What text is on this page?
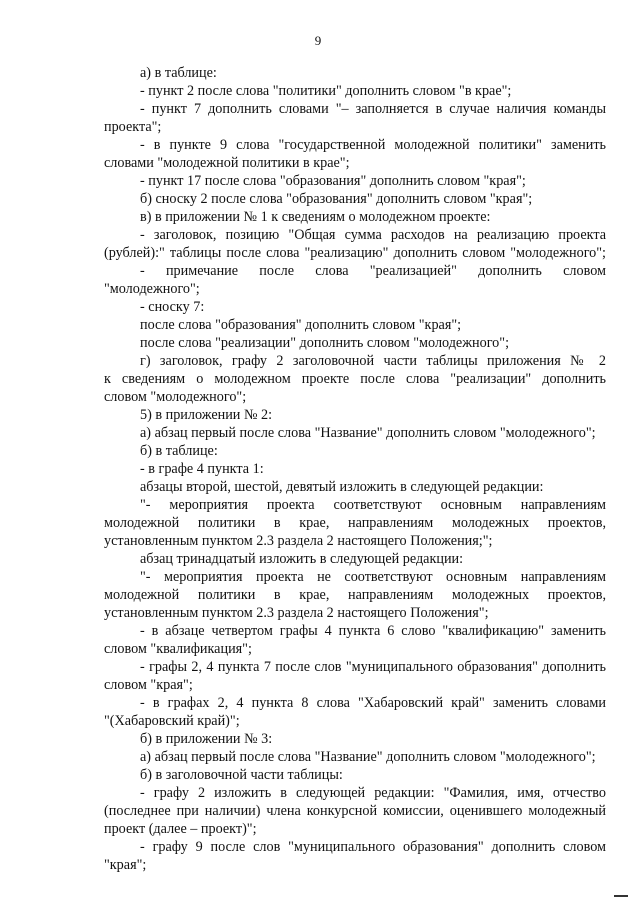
9
а) в таблице:
- пункт 2 после слова "политики" дополнить словом "в крае";
- пункт 7 дополнить словами "– заполняется в случае наличия команды
проекта";
- в пункте 9 слова "государственной молодежной политики" заменить
словами "молодежной политики в крае";
- пункт 17 после слова "образования" дополнить словом "края";
б) сноску 2 после слова "образования" дополнить словом "края";
в) в приложении № 1 к сведениям о молодежном проекте:
- заголовок, позицию "Общая сумма расходов на реализацию проекта
(рублей):" таблицы после слова "реализацию" дополнить словом "молодежного";
- примечание после слова "реализацией" дополнить словом
"молодежного";
- сноску 7:
после слова "образования" дополнить словом "края";
после слова "реализации" дополнить словом "молодежного";
г) заголовок, графу 2 заголовочной части таблицы приложения № 2
к сведениям о молодежном проекте после слова "реализации" дополнить
словом "молодежного";
5) в приложении № 2:
а) абзац первый после слова "Название" дополнить словом "молодежного";
б) в таблице:
- в графе 4 пункта 1:
абзацы второй, шестой, девятый изложить в следующей редакции:
"- мероприятия проекта соответствуют основным направлениям
молодежной политики в крае, направлениям молодежных проектов,
установленным пунктом 2.3 раздела 2 настоящего Положения;";
абзац тринадцатый изложить в следующей редакции:
"- мероприятия проекта не соответствуют основным направлениям
молодежной политики в крае, направлениям молодежных проектов,
установленным пунктом 2.3 раздела 2 настоящего Положения";
- в абзаце четвертом графы 4 пункта 6 слово "квалификацию" заменить
словом "квалификация";
- графы 2, 4 пункта 7 после слов "муниципального образования" дополнить
словом "края";
- в графах 2, 4 пункта 8 слова "Хабаровский край" заменить словами
"(Хабаровский край)";
б) в приложении № 3:
а) абзац первый после слова "Название" дополнить словом "молодежного";
б) в заголовочной части таблицы:
- графу 2 изложить в следующей редакции: "Фамилия, имя, отчество
(последнее при наличии) члена конкурсной комиссии, оценившего молодежный
проект (далее – проект)";
- графу 9 после слов "муниципального образования" дополнить словом
"края";
